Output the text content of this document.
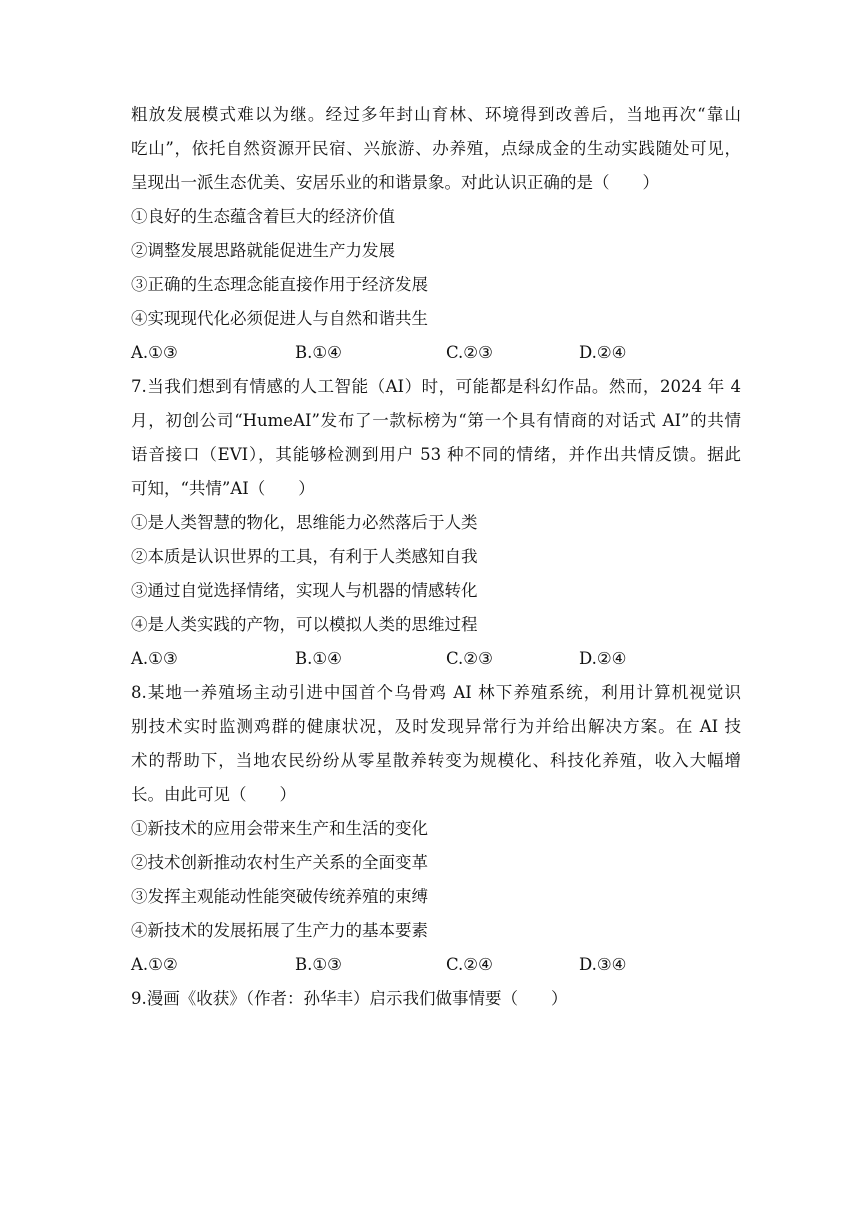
粗放发展模式难以为继。经过多年封山育林、环境得到改善后，当地再次“靠山
吃山”，依托自然资源开民宿、兴旅游、办养殖，点绿成金的生动实践随处可见，
呈现出一派生态优美、安居乐业的和谐景象。对此认识正确的是（　　）
①良好的生态蕴含着巨大的经济价值
②调整发展思路就能促进生产力发展
③正确的生态理念能直接作用于经济发展
④实现现代化必须促进人与自然和谐共生
A.①③	B.①④	C.②③	D.②④
7.当我们想到有情感的人工智能（AI）时，可能都是科幻作品。然而，2024 年 4
月，初创公司“HumeAI”发布了一款标榜为“第一个具有情商的对话式 AI”的共情
语音接口（EVI），其能够检测到用户 53 种不同的情绪，并作出共情反馈。据此
可知，“共情”AI（　　）
①是人类智慧的物化，思维能力必然落后于人类
②本质是认识世界的工具，有利于人类感知自我
③通过自觉选择情绪，实现人与机器的情感转化
④是人类实践的产物，可以模拟人类的思维过程
A.①③	B.①④	C.②③	D.②④
8.某地一养殖场主动引进中国首个乌骨鸡 AI 林下养殖系统，利用计算机视觉识
别技术实时监测鸡群的健康状况，及时发现异常行为并给出解决方案。在 AI 技
术的帮助下，当地农民纷纷从零星散养转变为规模化、科技化养殖，收入大幅增
长。由此可见（　　）
①新技术的应用会带来生产和生活的变化
②技术创新推动农村生产关系的全面变革
③发挥主观能动性能突破传统养殖的束缚
④新技术的发展拓展了生产力的基本要素
A.①②	B.①③	C.②④	D.③④
9.漫画《收获》（作者：孙华丰）启示我们做事情要（　　）
